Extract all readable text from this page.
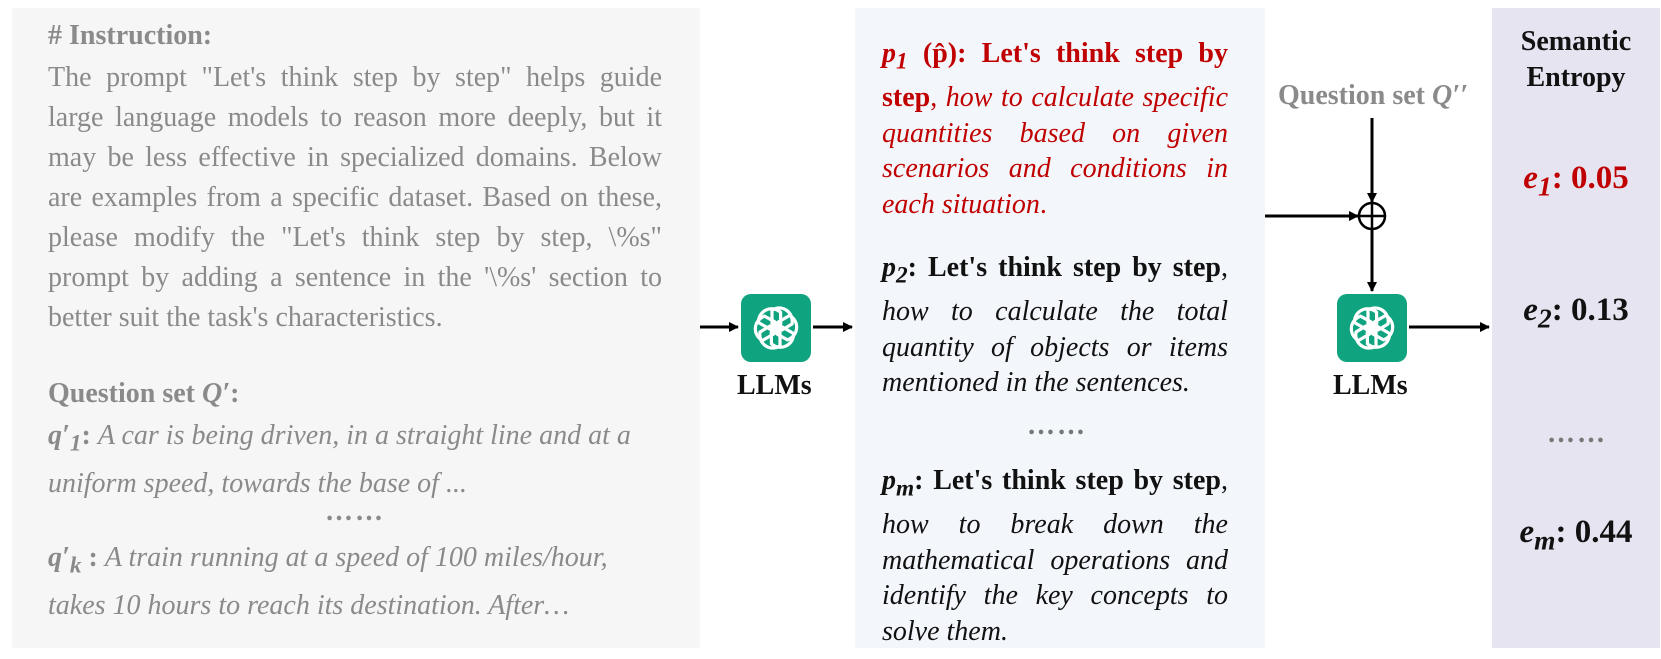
# Instruction:
The prompt "Let's think step by step" helps guide large language models to reason more deeply, but it may be less effective in specialized domains. Below are examples from a specific dataset. Based on these, please modify the "Let's think step by step, \%s" prompt by adding a sentence in the '\%s' section to better suit the task's characteristics.
Question set Q′:
$q'_1$: A car is being driven, in a straight line and at a uniform speed, towards the base of ...
……
$q'_k$ : A train running at a speed of 100 miles/hour, takes 10 hours to reach its destination. After…
LLMs
$p_1$ (p̂): Let's think step by step, how to calculate specific quantities based on given scenarios and conditions in each situation.
$p_2$: Let's think step by step, how to calculate the total quantity of objects or items mentioned in the sentences.
……
$p_m$: Let's think step by step, how to break down the mathematical operations and identify the key concepts to solve them.
Question set Q′′
LLMs
Semantic
Entropy
$e_1$: 0.05
$e_2$: 0.13
……
$e_m$: 0.44
